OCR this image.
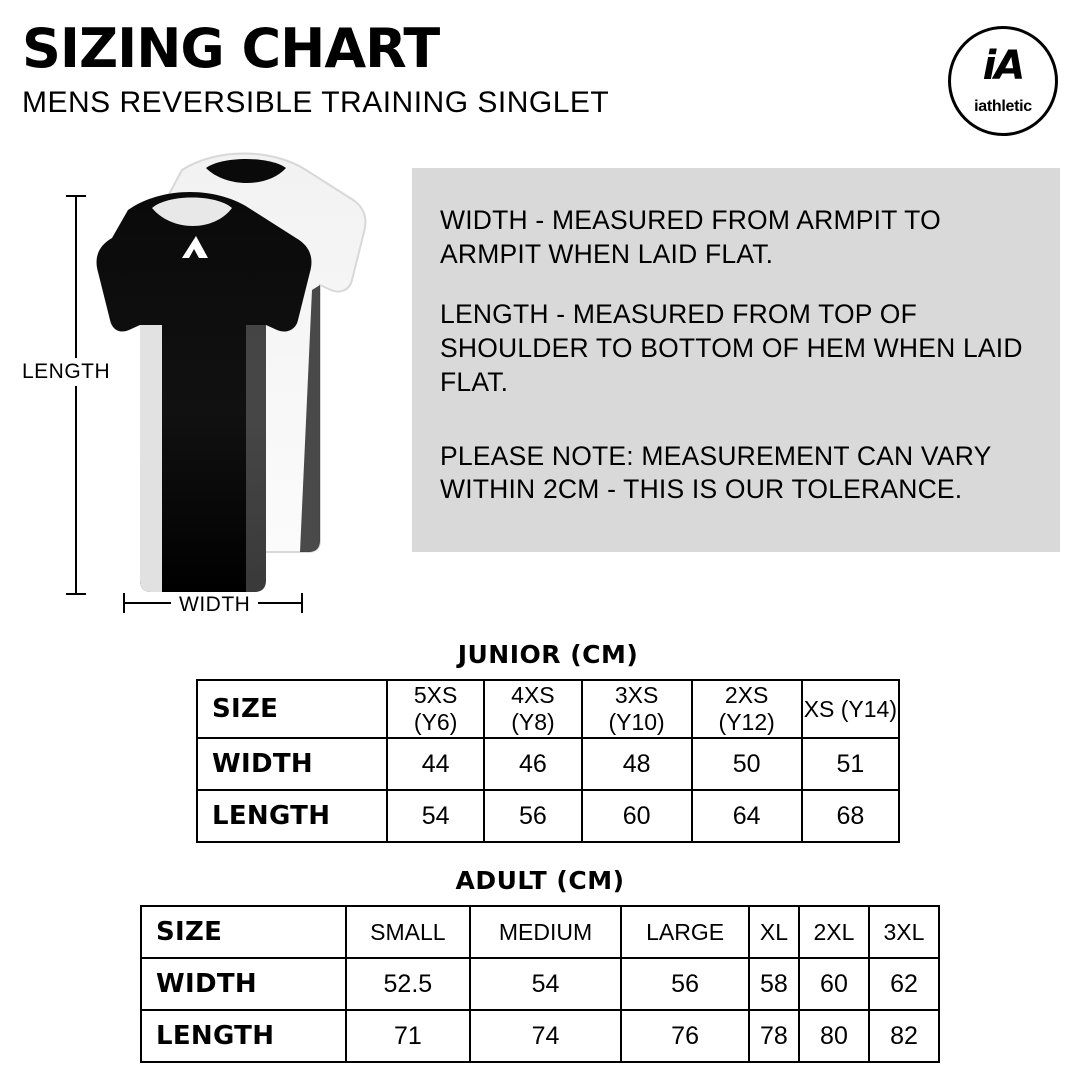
SIZING CHART
MENS REVERSIBLE TRAINING SINGLET
iA
iathletic
LENGTH
WIDTH

WIDTH - MEASURED FROM ARMPIT TO ARMPIT WHEN LAID FLAT.

LENGTH - MEASURED FROM TOP OF SHOULDER TO BOTTOM OF HEM WHEN LAID FLAT.

PLEASE NOTE: MEASUREMENT CAN VARY WITHIN 2CM - THIS IS OUR TOLERANCE.

JUNIOR (CM)
SIZE	5XS (Y6)	4XS (Y8)	3XS (Y10)	2XS (Y12)	XS (Y14)
WIDTH	44	46	48	50	51
LENGTH	54	56	60	64	68
ADULT (CM)
SIZE	SMALL	MEDIUM	LARGE	XL	2XL	3XL
WIDTH	52.5	54	56	58	60	62
LENGTH	71	74	76	78	80	82
